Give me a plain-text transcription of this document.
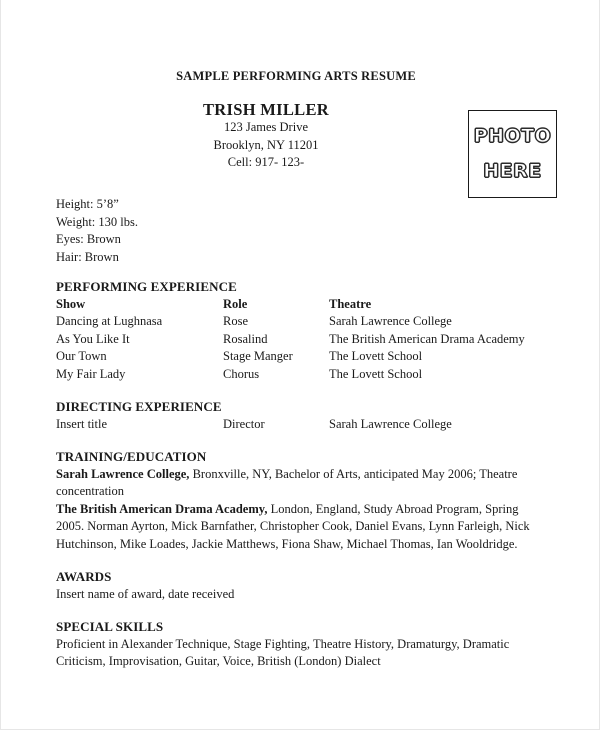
SAMPLE PERFORMING ARTS RESUME
TRISH MILLER
123 James Drive
Brooklyn, NY 11201
Cell: 917- 123-
PHOTO
HERE
Height: 5’8”
Weight: 130 lbs.
Eyes: Brown
Hair: Brown
PERFORMING EXPERIENCE
Show	Role	Theatre
Dancing at Lughnasa	Rose	Sarah Lawrence College
As You Like It	Rosalind	The British American Drama Academy
Our Town	Stage Manger	The Lovett School
My Fair Lady	Chorus	The Lovett School
DIRECTING EXPERIENCE
Insert title	Director	Sarah Lawrence College
TRAINING/EDUCATION
Sarah Lawrence College, Bronxville, NY, Bachelor of Arts, anticipated May 2006; Theatre concentration
The British American Drama Academy, London, England, Study Abroad Program, Spring 2005. Norman Ayrton, Mick Barnfather, Christopher Cook, Daniel Evans, Lynn Farleigh, Nick Hutchinson, Mike Loades, Jackie Matthews, Fiona Shaw, Michael Thomas, Ian Wooldridge.
AWARDS
Insert name of award, date received
SPECIAL SKILLS
Proficient in Alexander Technique, Stage Fighting, Theatre History, Dramaturgy, Dramatic Criticism, Improvisation, Guitar, Voice, British (London) Dialect
